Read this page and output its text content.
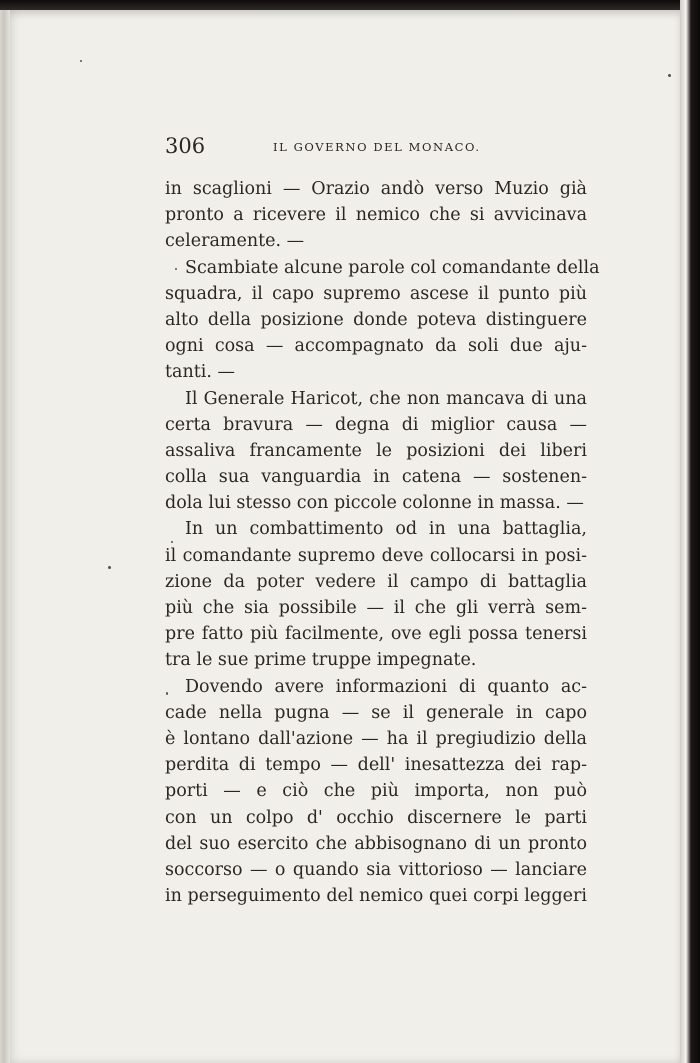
306	IL GOVERNO DEL MONACO.
in scaglioni — Orazio andò verso Muzio già
pronto a ricevere il nemico che si avvicinava
celeramente. —
Scambiate alcune parole col comandante della
squadra, il capo supremo ascese il punto più
alto della posizione donde poteva distinguere
ogni cosa — accompagnato da soli due aju-
tanti. —
Il Generale Haricot, che non mancava di una
certa bravura — degna di miglior causa —
assaliva francamente le posizioni dei liberi
colla sua vanguardia in catena — sostenen-
dola lui stesso con piccole colonne in massa. —
In un combattimento od in una battaglia,
il comandante supremo deve collocarsi in posi-
zione da poter vedere il campo di battaglia
più che sia possibile — il che gli verrà sem-
pre fatto più facilmente, ove egli possa tenersi
tra le sue prime truppe impegnate.
Dovendo avere informazioni di quanto ac-
cade nella pugna — se il generale in capo
è lontano dall'azione — ha il pregiudizio della
perdita di tempo — dell' inesattezza dei rap-
porti — e ciò che più importa, non può
con un colpo d' occhio discernere le parti
del suo esercito che abbisognano di un pronto
soccorso — o quando sia vittorioso — lanciare
in perseguimento del nemico quei corpi leggeri
